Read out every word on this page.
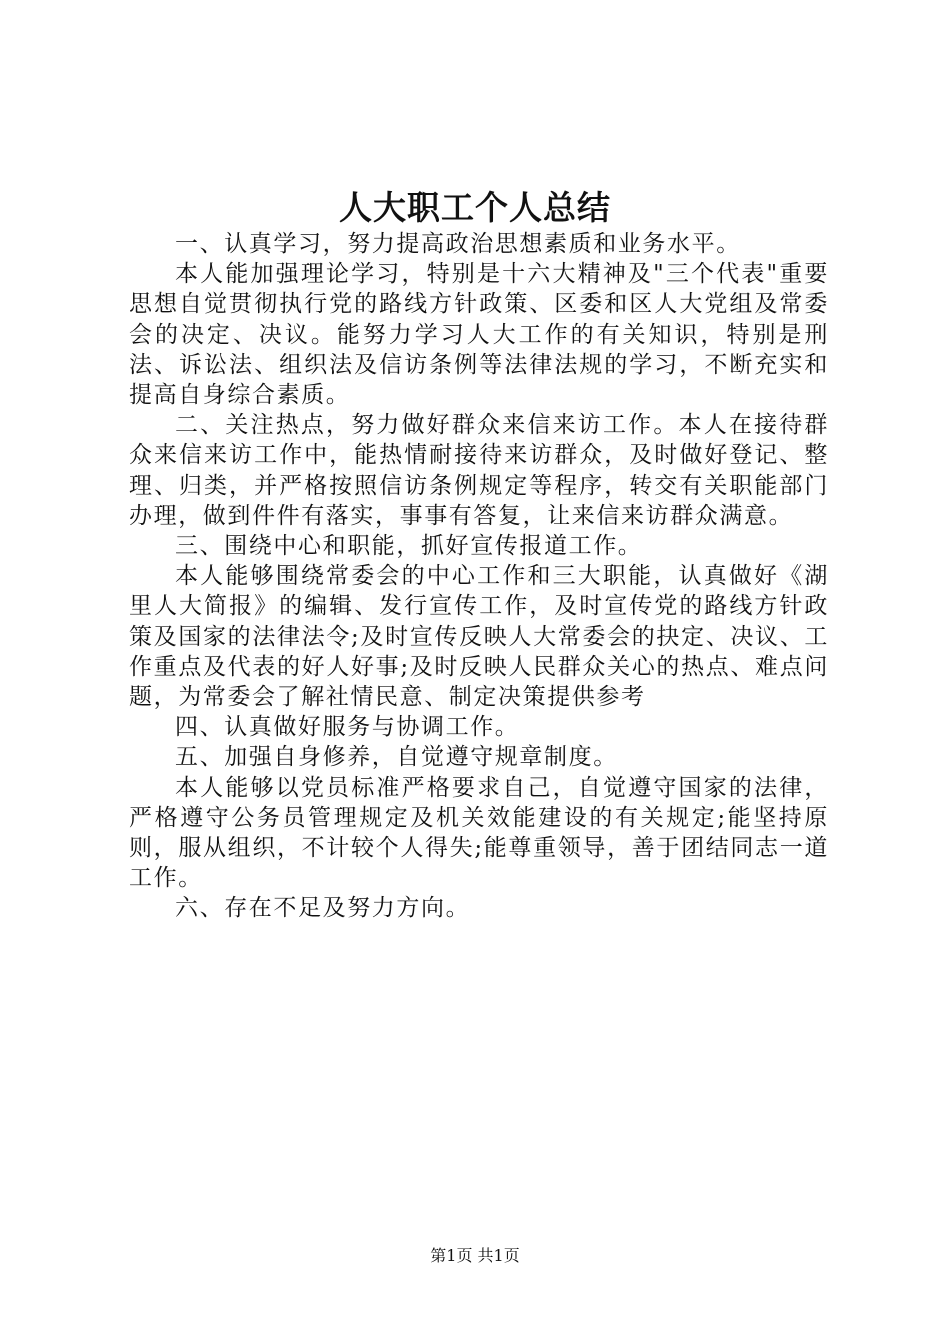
人大职工个人总结

一、认真学习，努力提高政治思想素质和业务水平。

本人能加强理论学习，特别是十六大精神及"三个代表"重要思想自觉贯彻执行党的路线方针政策、区委和区人大党组及常委会的决定、决议。能努力学习人大工作的有关知识，特别是刑法、诉讼法、组织法及信访条例等法律法规的学习，不断充实和提高自身综合素质。

二、关注热点，努力做好群众来信来访工作。本人在接待群众来信来访工作中，能热情耐接待来访群众，及时做好登记、整理、归类，并严格按照信访条例规定等程序，转交有关职能部门办理，做到件件有落实，事事有答复，让来信来访群众满意。

三、围绕中心和职能，抓好宣传报道工作。

本人能够围绕常委会的中心工作和三大职能，认真做好《湖里人大简报》的编辑、发行宣传工作，及时宣传党的路线方针政策及国家的法律法令;及时宣传反映人大常委会的抉定、决议、工作重点及代表的好人好事;及时反映人民群众关心的热点、难点问题，为常委会了解社情民意、制定决策提供参考

四、认真做好服务与协调工作。

五、加强自身修养，自觉遵守规章制度。

本人能够以党员标准严格要求自己，自觉遵守国家的法律，严格遵守公务员管理规定及机关效能建设的有关规定;能坚持原则，服从组织，不计较个人得失;能尊重领导，善于团结同志一道工作。

六、存在不足及努力方向。

第1页 共1页
